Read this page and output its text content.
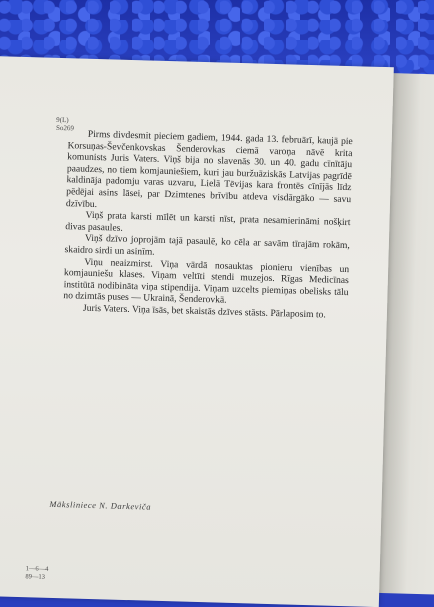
9(L)
So269

Pirms divdesmit pieciem gadiem, 1944. gada 13. februārī, kaujā pie Korsuņas-Ševčenkovskas Šenderovkas ciemā varoņa nāvē krita komunists Juris Vaters. Viņš bija no slavenās 30. un 40. gadu cīnītāju paaudzes, no tiem komjauniešiem, kuri jau buržuāziskās Latvijas pagrīdē kaldināja padomju varas uzvaru, Lielā Tēvijas kara frontēs cīnījās līdz pēdējai asins lāsei, par Dzimtenes brīvību atdeva visdārgāko — savu dzīvību.

Viņš prata karsti mīlēt un karsti nīst, prata nesamierināmi nošķirt divas pasaules.

Viņš dzīvo joprojām tajā pasaulē, ko cēla ar savām tīrajām rokām, skaidro sirdi un asinīm.

Viņu neaizmirst. Viņa vārdā nosauktas pionieru vienības un komjauniešu klases. Viņam veltīti stendi muzejos. Rīgas Medicīnas institūtā nodibināta viņa stipendija. Viņam uzcelts piemiņas obelisks tālu no dzimtās puses — Ukrainā, Šenderovkā.

Juris Vaters. Viņa īsās, bet skaistās dzīves stāsts. Pārlaposim to.

Māksliniece N. Darkeviča
1—6—4
89—13
